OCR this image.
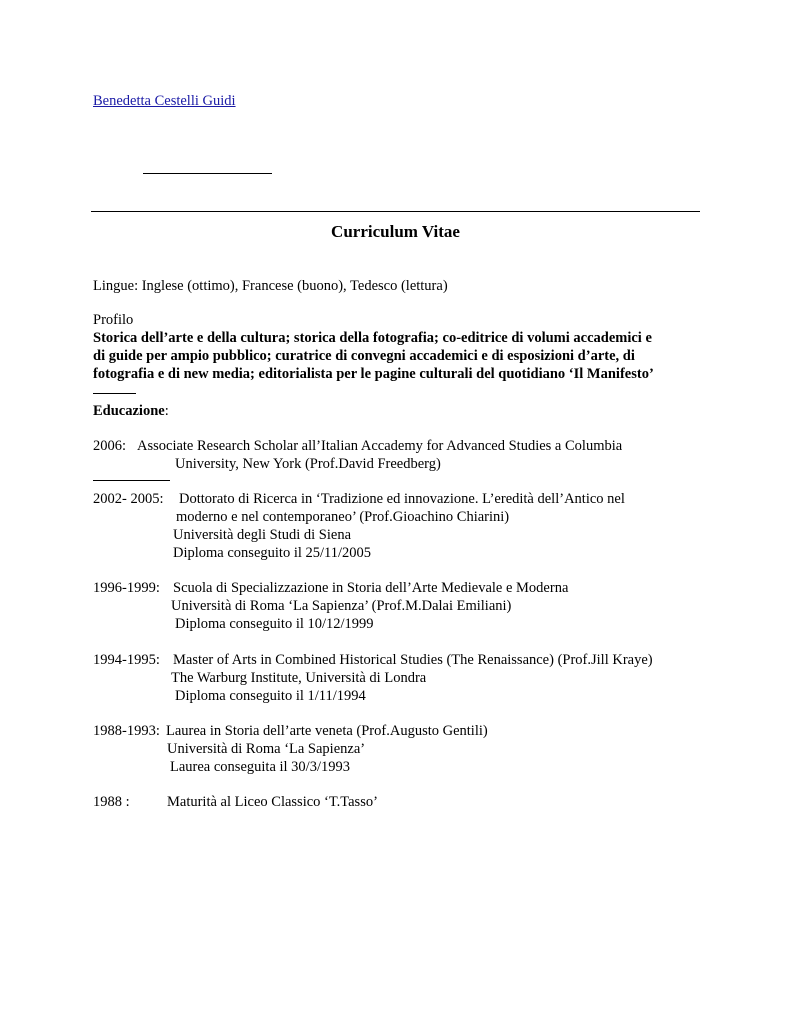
Benedetta Cestelli Guidi
Curriculum Vitae
Lingue: Inglese (ottimo), Francese (buono), Tedesco (lettura)
Profilo
Storica dell’arte e della cultura; storica della fotografia; co-editrice di volumi accademici e
di guide per ampio pubblico; curatrice di convegni accademici e di esposizioni d’arte, di
fotografia e di new media; editorialista per le pagine culturali del quotidiano ‘Il Manifesto’
Educazione:
2006: Associate Research Scholar all’Italian Accademy for Advanced Studies a Columbia
University, New York (Prof.David Freedberg)
2002- 2005: Dottorato di Ricerca in ‘Tradizione ed innovazione. L’eredità dell’Antico nel
moderno e nel contemporaneo’ (Prof.Gioachino Chiarini)
Università degli Studi di Siena
Diploma conseguito il 25/11/2005
1996-1999: Scuola di Specializzazione in Storia dell’Arte Medievale e Moderna
Università di Roma ‘La Sapienza’ (Prof.M.Dalai Emiliani)
Diploma conseguito il 10/12/1999
1994-1995: Master of Arts in Combined Historical Studies (The Renaissance) (Prof.Jill Kraye)
The Warburg Institute, Università di Londra
Diploma conseguito il 1/11/1994
1988-1993: Laurea in Storia dell’arte veneta (Prof.Augusto Gentili)
Università di Roma ‘La Sapienza’
Laurea conseguita il 30/3/1993
1988 :	Maturità al Liceo Classico ‘T.Tasso’
